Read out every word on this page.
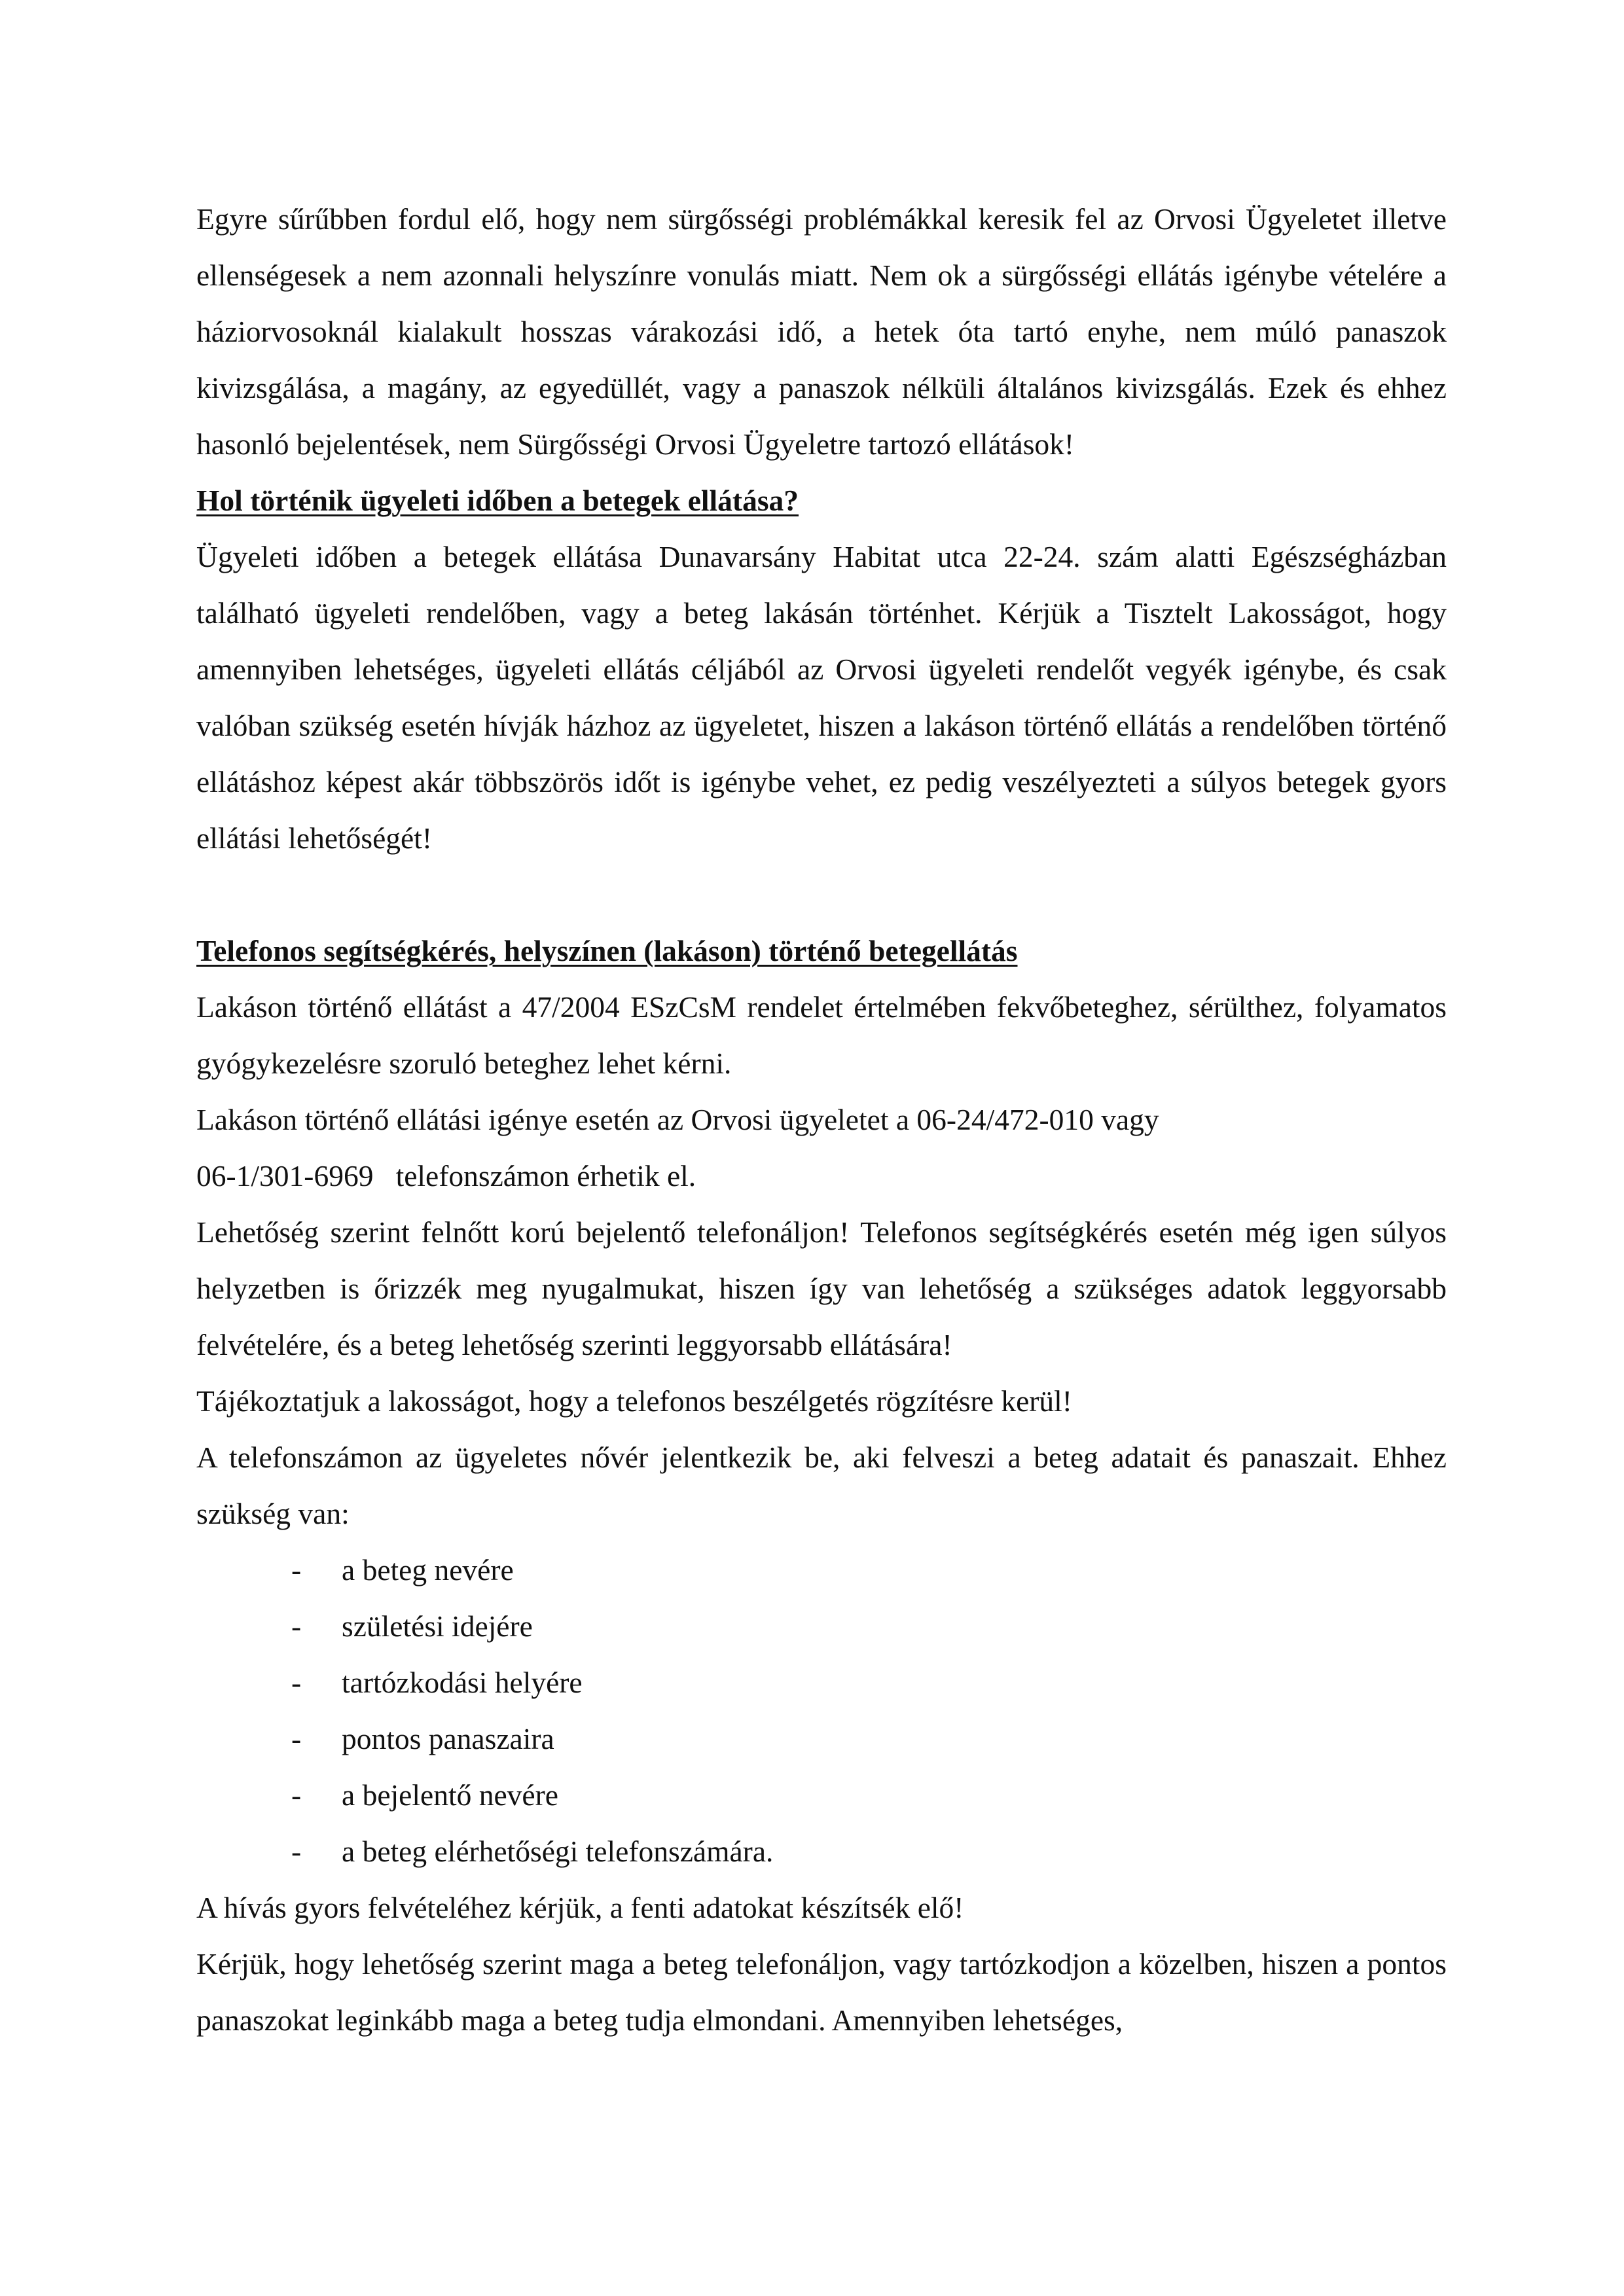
Egyre sűrűbben fordul elő, hogy nem sürgősségi problémákkal keresik fel az Orvosi Ügyeletet illetve ellenségesek a nem azonnali helyszínre vonulás miatt. Nem ok a sürgősségi ellátás igénybe vételére a háziorvosoknál kialakult hosszas várakozási idő, a hetek óta tartó enyhe, nem múló panaszok kivizsgálása, a magány, az egyedüllét, vagy a panaszok nélküli általános kivizsgálás. Ezek és ehhez hasonló bejelentések, nem Sürgősségi Orvosi Ügyeletre tartozó ellátások!

Hol történik ügyeleti időben a betegek ellátása?

Ügyeleti időben a betegek ellátása Dunavarsány Habitat utca 22-24. szám alatti Egészségházban található ügyeleti rendelőben, vagy a beteg lakásán történhet. Kérjük a Tisztelt Lakosságot, hogy amennyiben lehetséges, ügyeleti ellátás céljából az Orvosi ügyeleti rendelőt vegyék igénybe, és csak valóban szükség esetén hívják házhoz az ügyeletet, hiszen a lakáson történő ellátás a rendelőben történő ellátáshoz képest akár többszörös időt is igénybe vehet, ez pedig veszélyezteti a súlyos betegek gyors ellátási lehetőségét!

Telefonos segítségkérés, helyszínen (lakáson) történő betegellátás

Lakáson történő ellátást a 47/2004 ESzCsM rendelet értelmében fekvőbeteghez, sérülthez, folyamatos gyógykezelésre szoruló beteghez lehet kérni.

Lakáson történő ellátási igénye esetén az Orvosi ügyeletet a 06-24/472-010 vagy

06-1/301-6969   telefonszámon érhetik el.

Lehetőség szerint felnőtt korú bejelentő telefonáljon! Telefonos segítségkérés esetén még igen súlyos helyzetben is őrizzék meg nyugalmukat, hiszen így van lehetőség a szükséges adatok leggyorsabb felvételére, és a beteg lehetőség szerinti leggyorsabb ellátására!

Tájékoztatjuk a lakosságot, hogy a telefonos beszélgetés rögzítésre kerül!

A telefonszámon az ügyeletes nővér jelentkezik be, aki felveszi a beteg adatait és panaszait. Ehhez szükség van:

- a beteg nevére
- születési idejére
- tartózkodási helyére
- pontos panaszaira
- a bejelentő nevére
- a beteg elérhetőségi telefonszámára.

A hívás gyors felvételéhez kérjük, a fenti adatokat készítsék elő!

Kérjük, hogy lehetőség szerint maga a beteg telefonáljon, vagy tartózkodjon a közelben, hiszen a pontos panaszokat leginkább maga a beteg tudja elmondani. Amennyiben lehetséges,
